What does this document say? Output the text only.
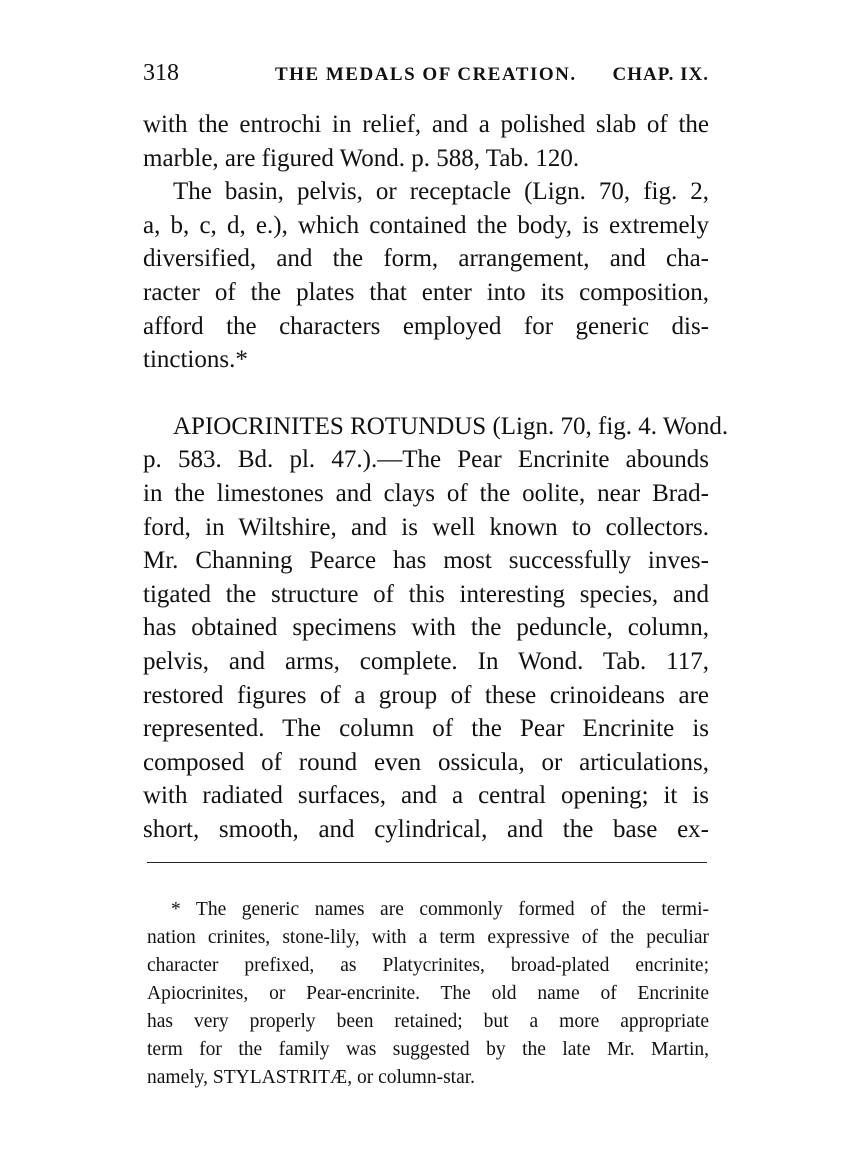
318	THE MEDALS OF CREATION. CHAP. IX.
with the entrochi in relief, and a polished slab of the
marble, are figured Wond. p. 588, Tab. 120.
The basin, pelvis, or receptacle (Lign. 70, fig. 2,
a, b, c, d, e.), which contained the body, is extremely
diversified, and the form, arrangement, and cha-
racter of the plates that enter into its composition,
afford the characters employed for generic dis-
tinctions.*
APIOCRINITES ROTUNDUS (Lign. 70, fig. 4. Wond.
p. 583. Bd. pl. 47.).—The Pear Encrinite abounds
in the limestones and clays of the oolite, near Brad-
ford, in Wiltshire, and is well known to collectors.
Mr. Channing Pearce has most successfully inves-
tigated the structure of this interesting species, and
has obtained specimens with the peduncle, column,
pelvis, and arms, complete. In Wond. Tab. 117,
restored figures of a group of these crinoideans are
represented. The column of the Pear Encrinite is
composed of round even ossicula, or articulations,
with radiated surfaces, and a central opening; it is
short, smooth, and cylindrical, and the base ex-
* The generic names are commonly formed of the termi-
nation crinites, stone-lily, with a term expressive of the peculiar
character prefixed, as Platycrinites, broad-plated encrinite;
Apiocrinites, or Pear-encrinite. The old name of Encrinite
has very properly been retained; but a more appropriate
term for the family was suggested by the late Mr. Martin,
namely, STYLASTRITÆ, or column-star.
